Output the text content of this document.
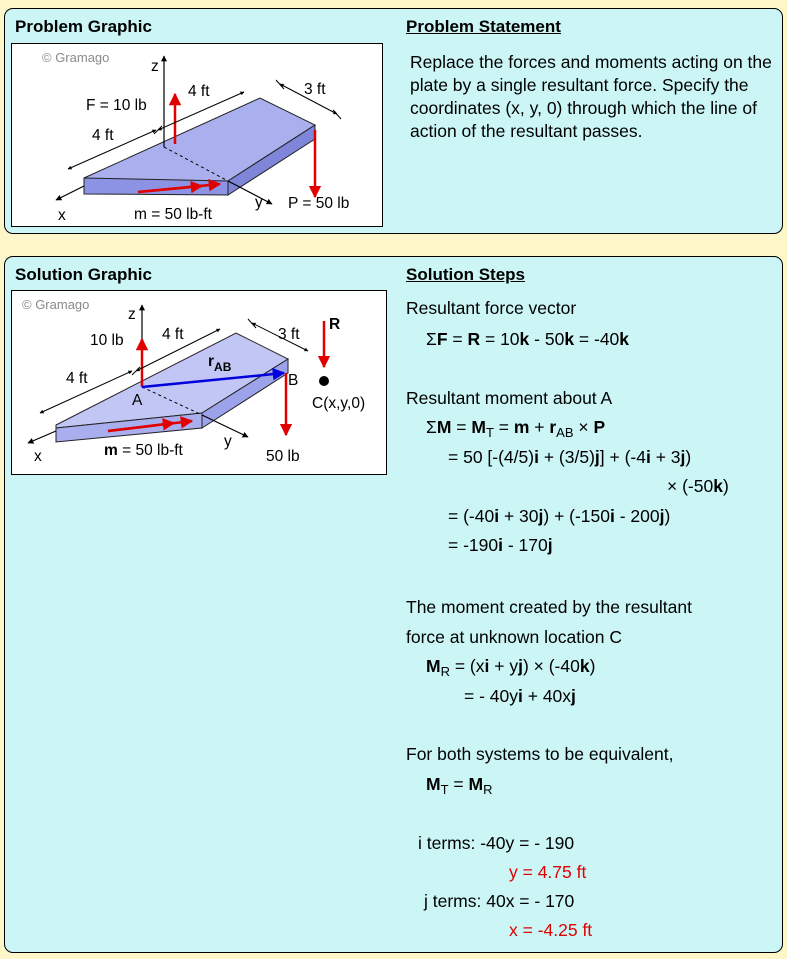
Problem Graphic	Problem Statement
© Gramago
z
y
x
F = 10 lb
P = 50 lb
m = 50 lb-ft
4 ft
4 ft
3 ft
Replace the forces and moments acting on the plate by a single resultant force. Specify the coordinates (x, y, 0) through which the line of action of the resultant passes.
Solution Graphic	Solution Steps
© Gramago
z
y
x
10 lb
$r_{AB}$
A
B
50 lb
R
C(x,y,0)
m = 50 lb-ft
4 ft
4 ft
3 ft
Resultant force vector
ΣF = R = 10k - 50k = -40k
Resultant moment about A
$\Sigma M = M_T = m + r_{AB} \times P$
= 50 [-(4/5)i + (3/5)j] + (-4i + 3j)
× (-50k)
= (-40i + 30j) + (-150i - 200j)
= -190i - 170j
The moment created by the resultant
force at unknown location C
$M_R = (xi + yj) \times (-40k)$
= - 40yi + 40xj
For both systems to be equivalent,
$M_T = M_R$
i terms: -40y = - 190
y = 4.75 ft
j terms: 40x = - 170
x = -4.25 ft
